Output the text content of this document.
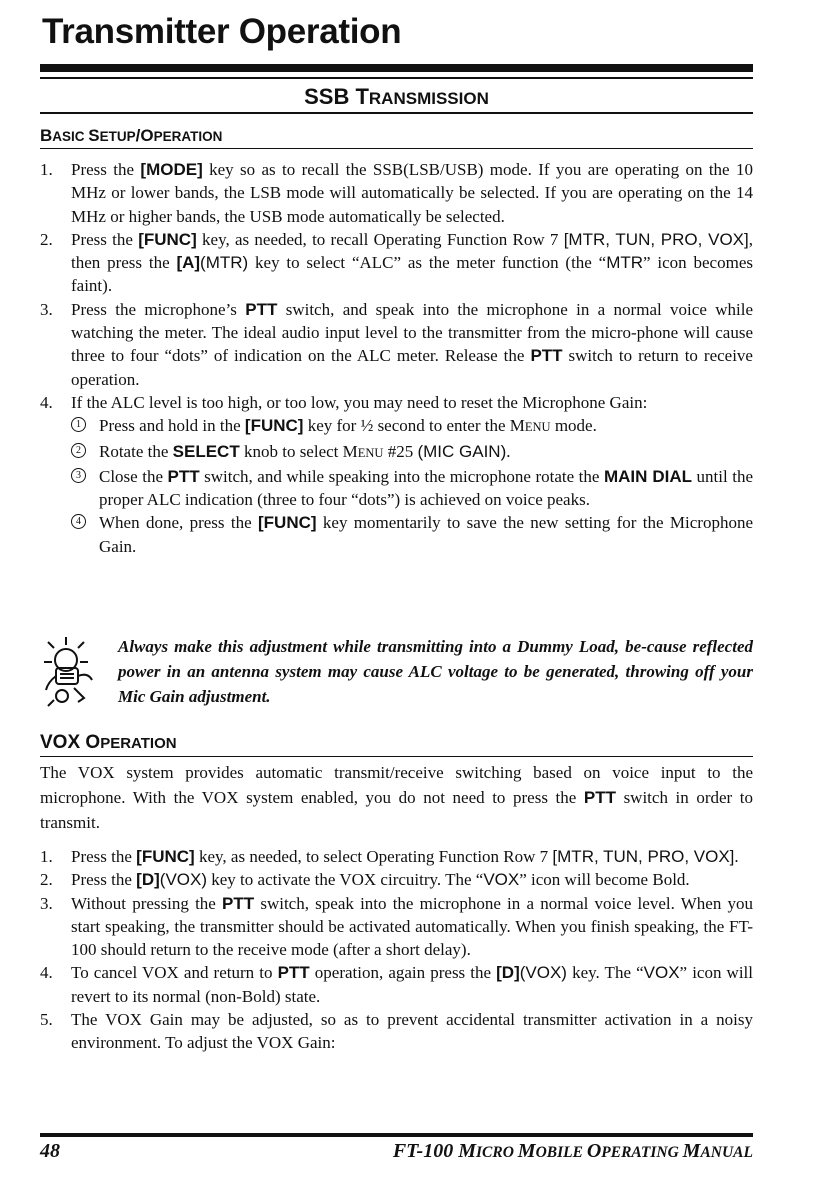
Transmitter Operation
SSB TRANSMISSION
BASIC SETUP/OPERATION
1.	Press the [MODE] key so as to recall the SSB(LSB/USB) mode. If you are operating on the 10 MHz or lower bands, the LSB mode will automatically be selected. If you are operating on the 14 MHz or higher bands, the USB mode automatically be selected.
2.	Press the [FUNC] key, as needed, to recall Operating Function Row 7 [MTR, TUN, PRO, VOX], then press the [A](MTR) key to select “ALC” as the meter function (the “MTR” icon becomes faint).
3.	Press the microphone’s PTT switch, and speak into the microphone in a normal voice while watching the meter. The ideal audio input level to the transmitter from the micro-phone will cause three to four “dots” of indication on the ALC meter. Release the PTT switch to return to receive operation.
4.	If the ALC level is too high, or too low, you may need to reset the Microphone Gain:
1 Press and hold in the [FUNC] key for ½ second to enter the MENU mode.
2 Rotate the SELECT knob to select MENU #25 (MIC GAIN).
3 Close the PTT switch, and while speaking into the microphone rotate the MAIN DIAL until the proper ALC indication (three to four “dots”) is achieved on voice peaks.
4 When done, press the [FUNC] key momentarily to save the new setting for the Microphone Gain.

Always make this adjustment while transmitting into a Dummy Load, be-cause reflected power in an antenna system may cause ALC voltage to be generated, throwing off your Mic Gain adjustment.

VOX OPERATION

The VOX system provides automatic transmit/receive switching based on voice input to the microphone. With the VOX system enabled, you do not need to press the PTT switch in order to transmit.

1.	Press the [FUNC] key, as needed, to select Operating Function Row 7 [MTR, TUN, PRO, VOX].
2.	Press the [D](VOX) key to activate the VOX circuitry. The “VOX” icon will become Bold.
3.	Without pressing the PTT switch, speak into the microphone in a normal voice level. When you start speaking, the transmitter should be activated automatically. When you finish speaking, the FT-100 should return to the receive mode (after a short delay).
4.	To cancel VOX and return to PTT operation, again press the [D](VOX) key. The “VOX” icon will revert to its normal (non-Bold) state.
5.	The VOX Gain may be adjusted, so as to prevent accidental transmitter activation in a noisy environment. To adjust the VOX Gain:
48	FT-100 MICRO MOBILE OPERATING MANUAL
